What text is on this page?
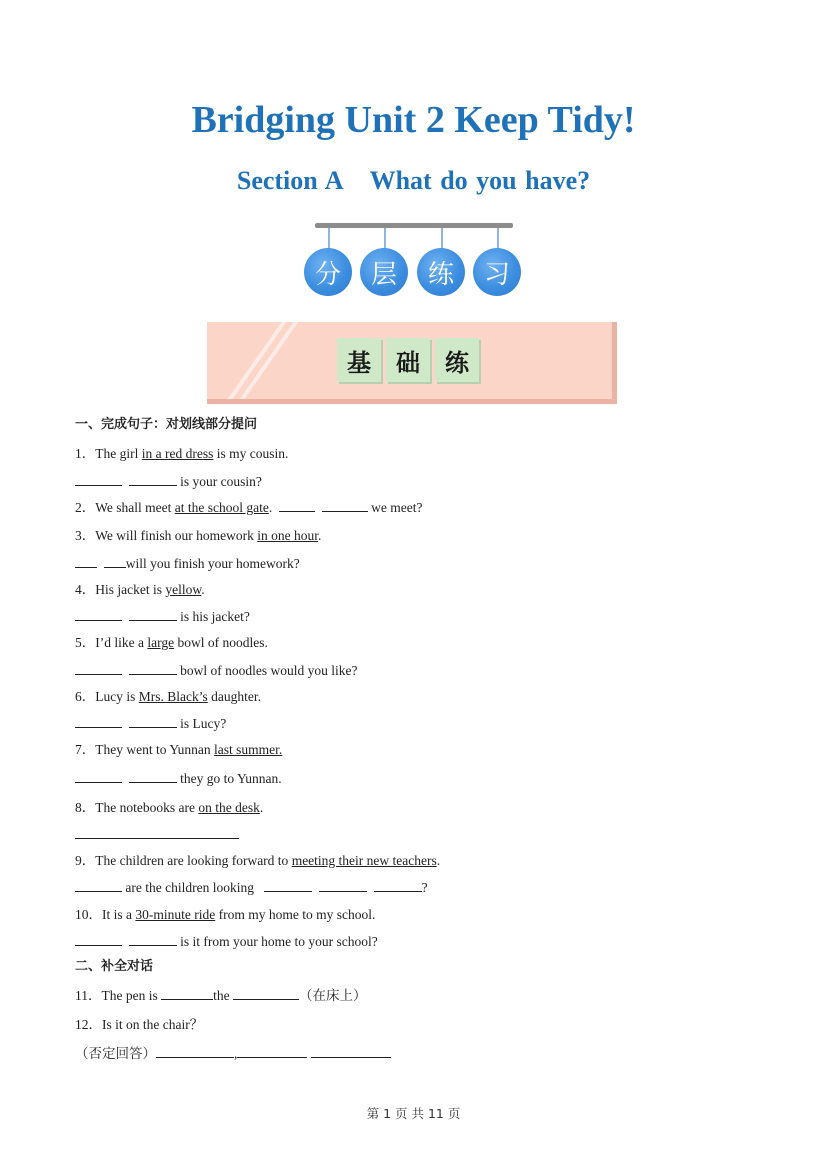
Bridging Unit 2 Keep Tidy!
Section A What do you have?
分	层	练	习
基	础	练
一、完成句子：对划线部分提问
1．The girl in a red dress is my cousin.
is your cousin?
2．We shall meet at the school gate.	we meet?
3．We will finish our homework in one hour.
will you finish your homework?
4．His jacket is yellow.
is his jacket?
5．I’d like a large bowl of noodles.
bowl of noodles would you like?
6．Lucy is Mrs. Black’s daughter.
is Lucy?
7．They went to Yunnan last summer.
they go to Yunnan.
8．The notebooks are on the desk.
9．The children are looking forward to meeting their new teachers.
are the children looking	?
10．It is a 30-minute ride from my home to my school.
is it from your home to your school?
二、补全对话
11．The pen is	the	（在床上）
12．Is it on the chair？
（否定回答）	,
第 1 页 共 11 页
